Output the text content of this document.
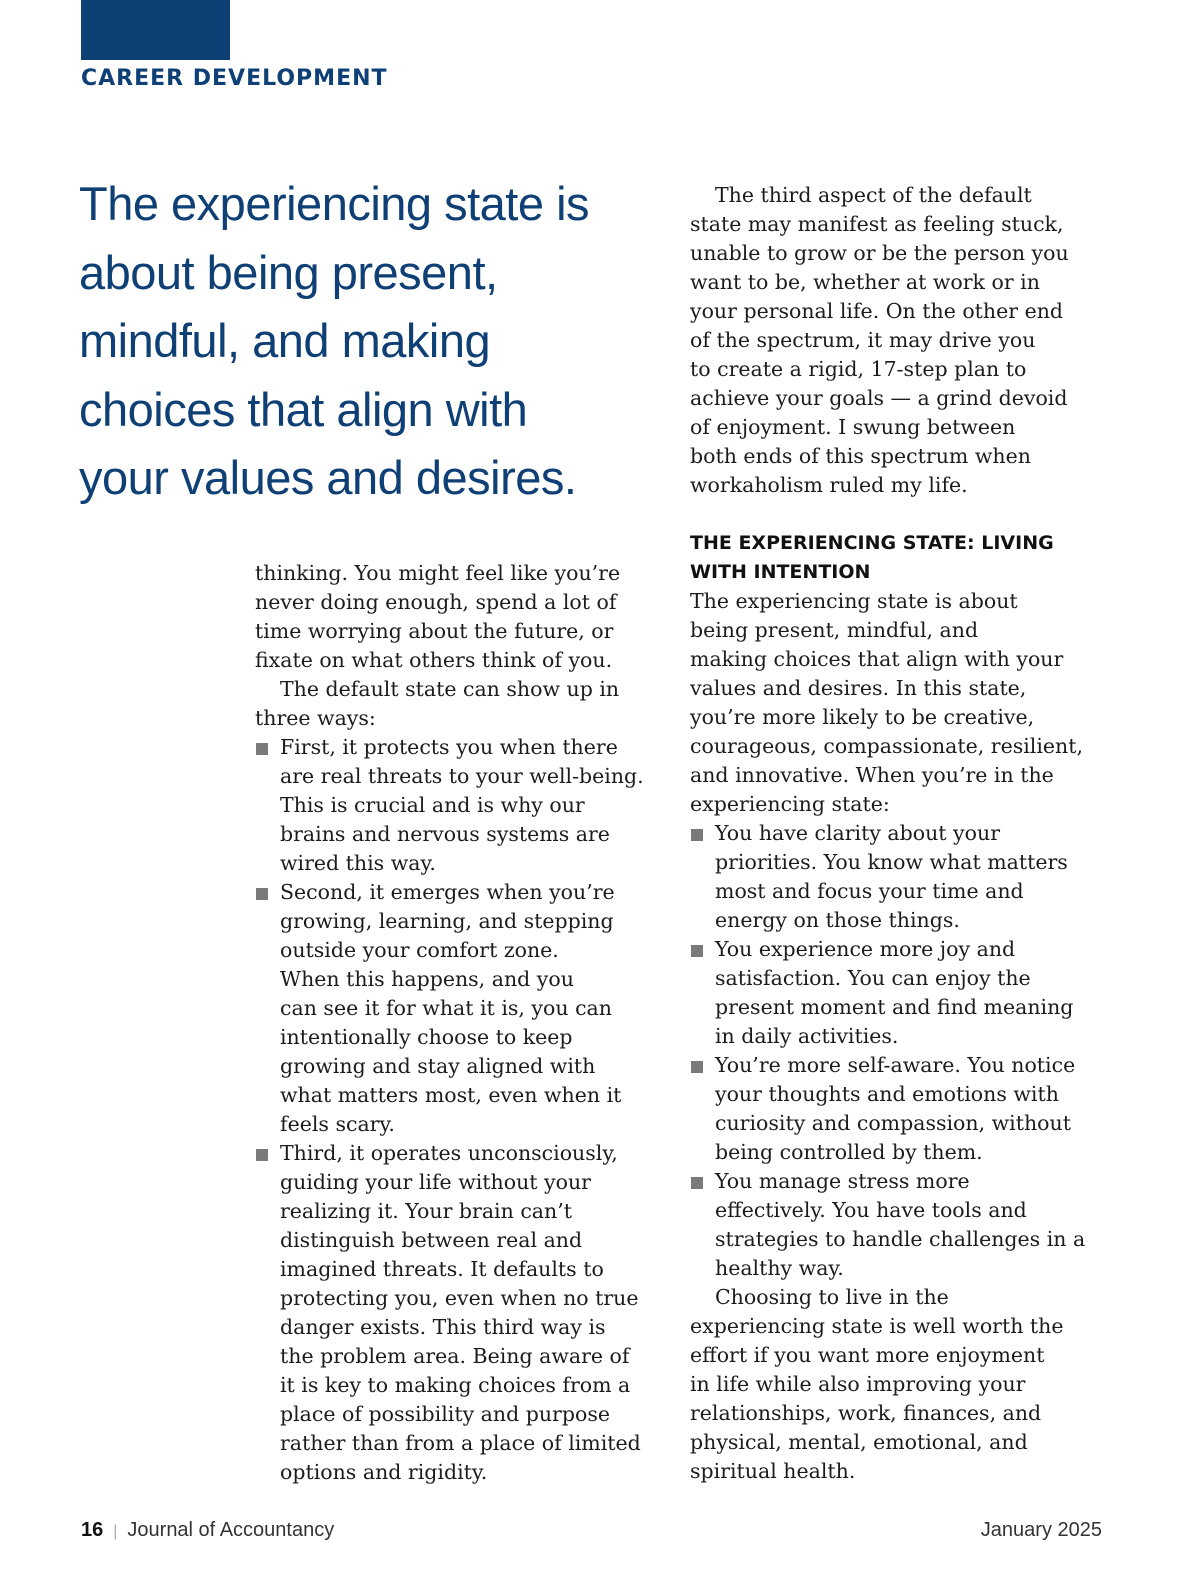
CAREER DEVELOPMENT
The experiencing state is
about being present,
mindful, and making
choices that align with
your values and desires.
thinking. You might feel like you’re
never doing enough, spend a lot of
time worrying about the future, or
fixate on what others think of you.
The default state can show up in
three ways:
First, it protects you when there
are real threats to your well-being.
This is crucial and is why our
brains and nervous systems are
wired this way.
Second, it emerges when you’re
growing, learning, and stepping
outside your comfort zone.
When this happens, and you
can see it for what it is, you can
intentionally choose to keep
growing and stay aligned with
what matters most, even when it
feels scary.
Third, it operates unconsciously,
guiding your life without your
realizing it. Your brain can’t
distinguish between real and
imagined threats. It defaults to
protecting you, even when no true
danger exists. This third way is
the problem area. Being aware of
it is key to making choices from a
place of possibility and purpose
rather than from a place of limited
options and rigidity.
The third aspect of the default
state may manifest as feeling stuck,
unable to grow or be the person you
want to be, whether at work or in
your personal life. On the other end
of the spectrum, it may drive you
to create a rigid, 17-step plan to
achieve your goals — a grind devoid
of enjoyment. I swung between
both ends of this spectrum when
workaholism ruled my life.
THE EXPERIENCING STATE: LIVING
WITH INTENTION
The experiencing state is about
being present, mindful, and
making choices that align with your
values and desires. In this state,
you’re more likely to be creative,
courageous, compassionate, resilient,
and innovative. When you’re in the
experiencing state:
You have clarity about your
priorities. You know what matters
most and focus your time and
energy on those things.
You experience more joy and
satisfaction. You can enjoy the
present moment and find meaning
in daily activities.
You’re more self-aware. You notice
your thoughts and emotions with
curiosity and compassion, without
being controlled by them.
You manage stress more
effectively. You have tools and
strategies to handle challenges in a
healthy way.
Choosing to live in the
experiencing state is well worth the
effort if you want more enjoyment
in life while also improving your
relationships, work, finances, and
physical, mental, emotional, and
spiritual health.
16 | Journal of Accountancy	January 2025
